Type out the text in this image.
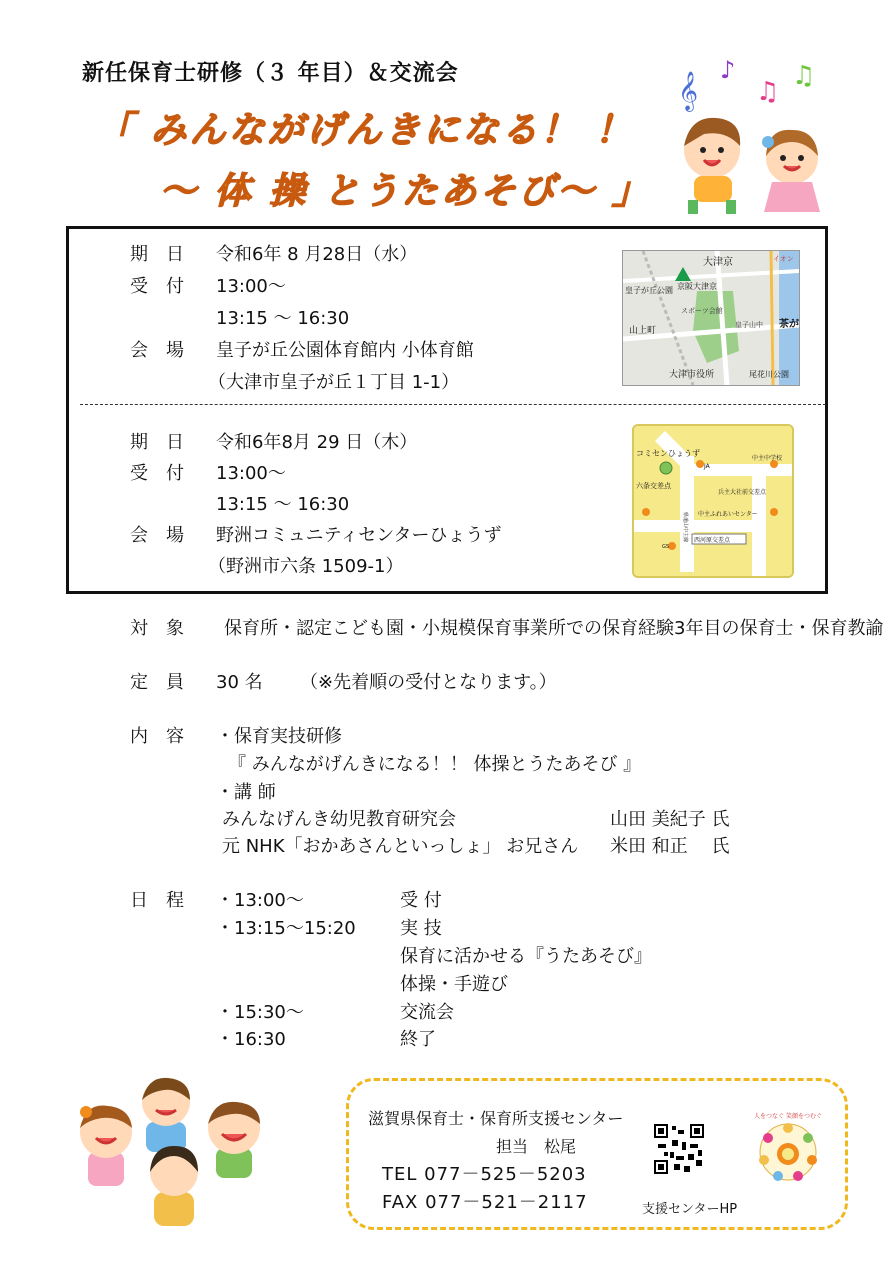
新任保育士研修（３ 年目）＆交流会
「 みんながげんきになる！ ！
～ 体 操 とうたあそび～ 」
𝄞
♪
♫
♫
期　日 令和6年 8 月28日（水）
受　付 13:00～
13:15 ～ 16:30
会　場 皇子が丘公園体育館内 小体育館
（大津市皇子が丘１丁目 1-1）
大津京
京阪大津京
皇子が丘公園
スポーツ会館
皇子山中
山上町
大津市役所
茶が
尾花川公園
イオン
期　日 令和6年8月 29 日（木）
受　付 13:00～
13:15 ～ 16:30
会　場 野洲コミュニティセンターひょうず
（野洲市六条 1509-1）
コミセンひょうず
JA
中主中学校
六条交差点
兵主大社前交差点
中主ふれあいセンター
県道山中主線
GS
西河原交差点
対　象 保育所・認定こども園・小規模保育事業所での保育経験3年目の保育士・保育教諭
定　員 30 名 （※先着順の受付となります。）
内　容 ・保育実技研修
『 みんながげんきになる！！ 体操とうたあそび 』
・講 師
みんなげんき幼児教育研究会	山田 美紀子 氏
元 NHK「おかあさんといっしょ」 お兄さん 米田 和正　 氏
日　程 ・13:00～	受 付
・13:15～15:20 実 技
保育に活かせる『うたあそび』
体操・手遊び
・15:30～	交流会
・16:30	終了
滋賀県保育士・保育所支援センター
担当　松尾
TEL 077－525－5203
FAX 077－521－2117	支援センターHP
人をつなぐ 笑顔をつむぐ
